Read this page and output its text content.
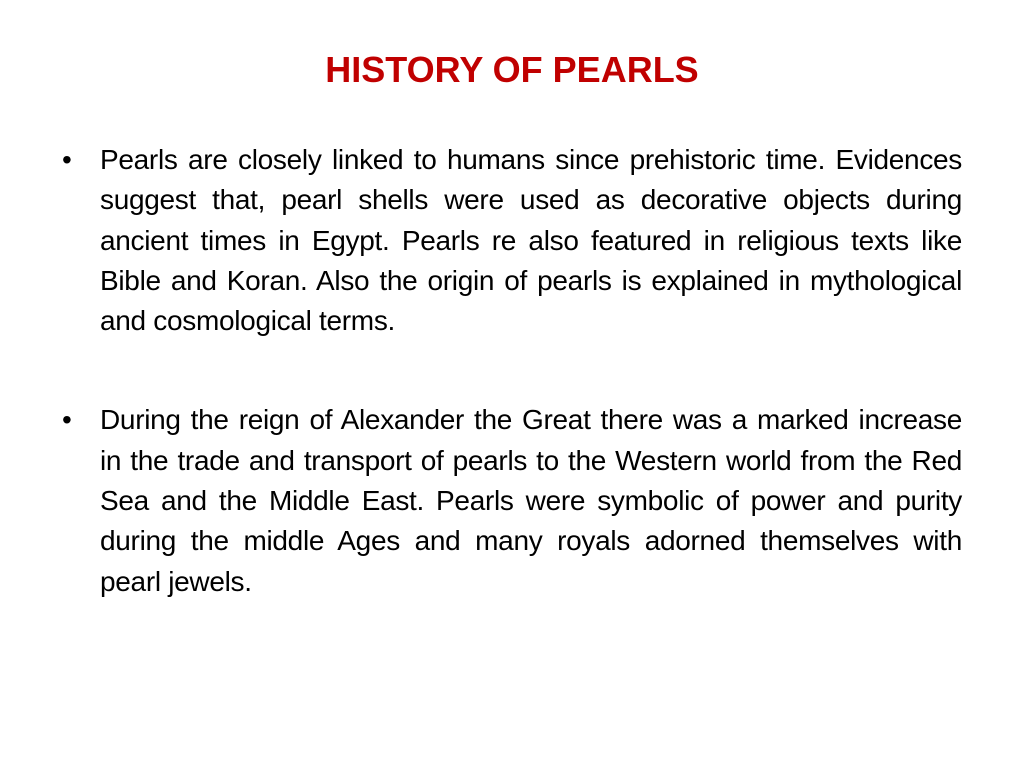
HISTORY OF PEARLS
• Pearls are closely linked to humans since prehistoric time. Evidences suggest that, pearl shells were used as decorative objects during ancient times in Egypt. Pearls re also featured in religious texts like Bible and Koran. Also the origin of pearls is explained in mythological and cosmological terms.
• During the reign of Alexander the Great there was a marked increase in the trade and transport of pearls to the Western world from the Red Sea and the Middle East. Pearls were symbolic of power and purity during the middle Ages and many royals adorned themselves with pearl jewels.
